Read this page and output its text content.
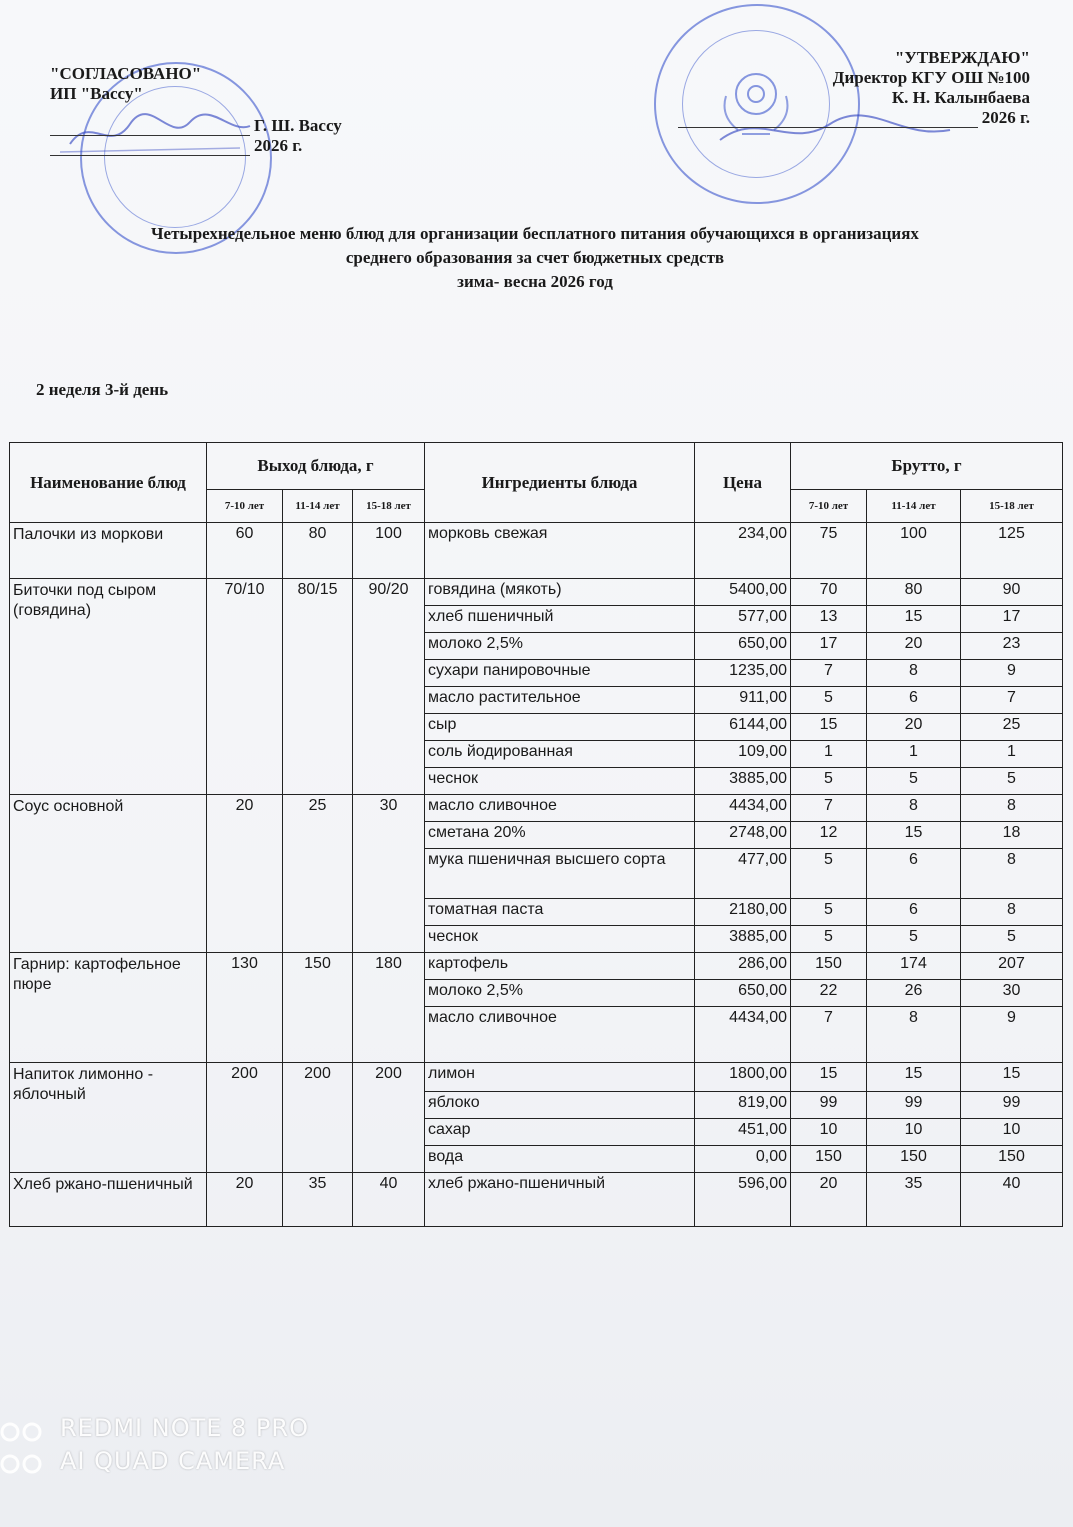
"СОГЛАСОВАНО"
ИП "Вассу"
Г. Ш. Вассу
2026 г.
"УТВЕРЖДАЮ"
Директор КГУ ОШ №100
К. Н. Калынбаева
2026 г.
Четырехнедельное меню блюд для организации бесплатного питания обучающихся в организациях
среднего образования за счет бюджетных средств
зима- весна 2026 год
2 неделя 3-й день
Наименование блюд	Выход блюда, г			Ингредиенты блюда	Цена	Брутто, г		
	7-10 лет	11-14 лет	15-18 лет			7-10 лет	11-14 лет	15-18 лет
Палочки из моркови	60	80	100	морковь свежая	234,00	75	100	125
Биточки под сыром (говядина)	70/10	80/15	90/20	говядина (мякоть)	5400,00	70	80	90
				хлеб пшеничный	577,00	13	15	17
				молоко 2,5%	650,00	17	20	23
				сухари панировочные	1235,00	7	8	9
				масло растительное	911,00	5	6	7
				сыр	6144,00	15	20	25
				соль йодированная	109,00	1	1	1
				чеснок	3885,00	5	5	5
Соус основной	20	25	30	масло сливочное	4434,00	7	8	8
				сметана 20%	2748,00	12	15	18
				мука пшеничная высшего сорта	477,00	5	6	8
				томатная паста	2180,00	5	6	8
				чеснок	3885,00	5	5	5
Гарнир: картофельное пюре	130	150	180	картофель	286,00	150	174	207
				молоко 2,5%	650,00	22	26	30
				масло сливочное	4434,00	7	8	9
Напиток лимонно - яблочный	200	200	200	лимон	1800,00	15	15	15
				яблоко	819,00	99	99	99
				сахар	451,00	10	10	10
				вода	0,00	150	150	150
Хлеб ржано-пшеничный	20	35	40	хлеб ржано-пшеничный	596,00	20	35	40
REDMI NOTE 8 PRO
AI QUAD CAMERA
